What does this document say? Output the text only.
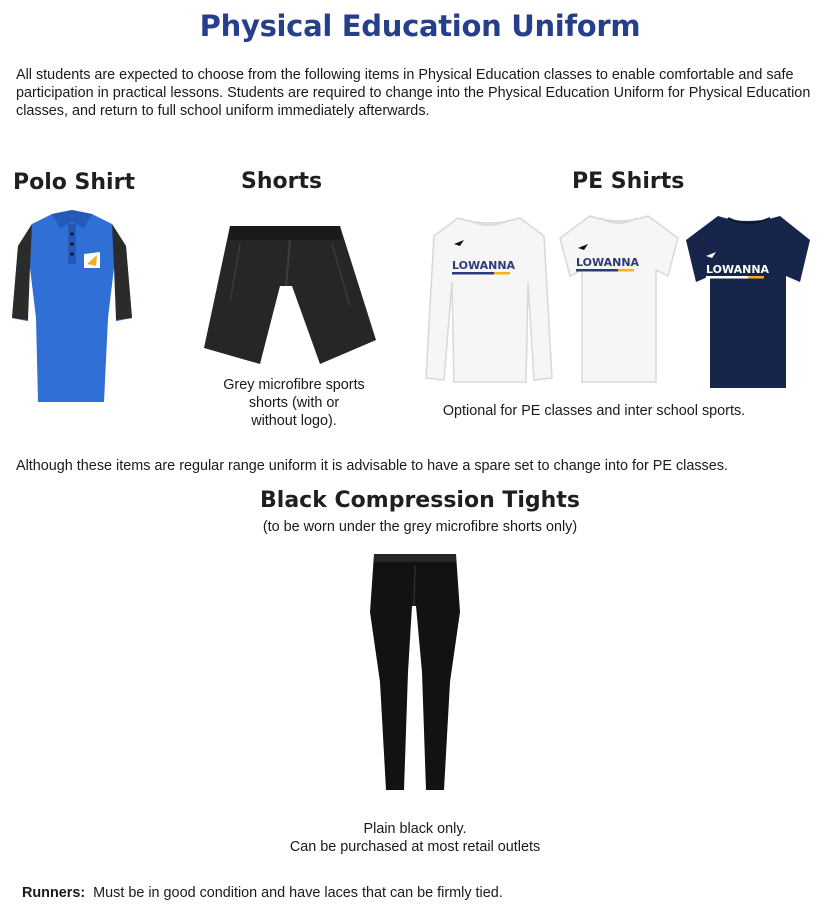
Physical Education Uniform
All students are expected to choose from the following items in Physical Education classes to enable comfortable and safe participation in practical lessons. Students are required to change into the Physical Education Uniform for Physical Education classes, and return to full school uniform immediately afterwards.
Polo Shirt	Shorts
Grey microfibre sports
shorts (with or
without logo).
PE Shirts
LOWANNA	LOWANNA
LOWANNA
Optional for PE classes and inter school sports.
Although these items are regular range uniform it is advisable to have a spare set to change into for PE classes.
Black Compression Tights
(to be worn under the grey microfibre shorts only)
Plain black only.
Can be purchased at most retail outlets
Runners: Must be in good condition and have laces that can be firmly tied.
